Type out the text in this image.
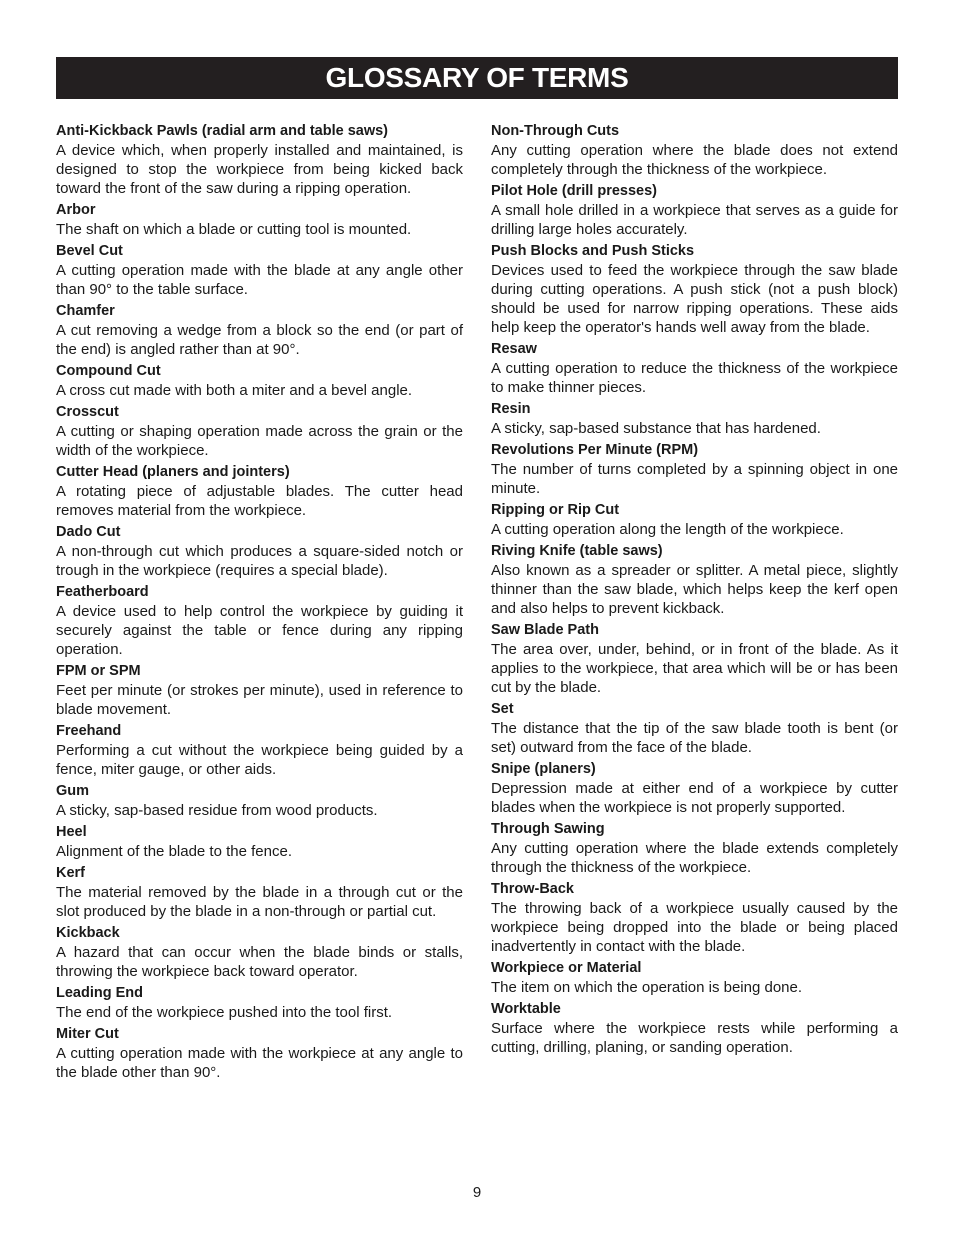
GLOSSARY OF TERMS
Anti-Kickback Pawls (radial arm and table saws)
A device which, when properly installed and maintained, is designed to stop the workpiece from being kicked back toward the front of the saw during a ripping operation.
Arbor
The shaft on which a blade or cutting tool is mounted.
Bevel Cut
A cutting operation made with the blade at any angle other than 90° to the table surface.
Chamfer
A cut removing a wedge from a block so the end (or part of the end) is angled rather than at 90°.
Compound Cut
A cross cut made with both a miter and a bevel angle.
Crosscut
A cutting or shaping operation made across the grain or the width of the workpiece.
Cutter Head (planers and jointers)
A rotating piece of adjustable blades. The cutter head removes material from the workpiece.
Dado Cut
A non-through cut which produces a square-sided notch or trough in the workpiece (requires a special blade).
Featherboard
A device used to help control the workpiece by guiding it securely against the table or fence during any ripping operation.
FPM or SPM
Feet per minute (or strokes per minute), used in reference to blade movement.
Freehand
Performing a cut without the workpiece being guided by a fence, miter gauge, or other aids.
Gum
A sticky, sap-based residue from wood products.
Heel
Alignment of the blade to the fence.
Kerf
The material removed by the blade in a through cut or the slot produced by the blade in a non-through or partial cut.
Kickback
A hazard that can occur when the blade binds or stalls, throwing the workpiece back toward operator.
Leading End
The end of the workpiece pushed into the tool first.
Miter Cut
A cutting operation made with the workpiece at any angle to the blade other than 90°.
Non-Through Cuts
Any cutting operation where the blade does not extend completely through the thickness of the workpiece.
Pilot Hole (drill presses)
A small hole drilled in a workpiece that serves as a guide for drilling large holes accurately.
Push Blocks and Push Sticks
Devices used to feed the workpiece through the saw blade during cutting operations. A push stick (not a push block) should be used for narrow ripping operations. These aids help keep the operator's hands well away from the blade.
Resaw
A cutting operation to reduce the thickness of the workpiece to make thinner pieces.
Resin
A sticky, sap-based substance that has hardened.
Revolutions Per Minute (RPM)
The number of turns completed by a spinning object in one minute.
Ripping or Rip Cut
A cutting operation along the length of the workpiece.
Riving Knife (table saws)
Also known as a spreader or splitter. A metal piece, slightly thinner than the saw blade, which helps keep the kerf open and also helps to prevent kickback.
Saw Blade Path
The area over, under, behind, or in front of the blade. As it applies to the workpiece, that area which will be or has been cut by the blade.
Set
The distance that the tip of the saw blade tooth is bent (or set) outward from the face of the blade.
Snipe (planers)
Depression made at either end of a workpiece by cutter blades when the workpiece is not properly supported.
Through Sawing
Any cutting operation where the blade extends completely through the thickness of the workpiece.
Throw-Back
The throwing back of a workpiece usually caused by the workpiece being dropped into the blade or being placed inadvertently in contact with the blade.
Workpiece or Material
The item on which the operation is being done.
Worktable
Surface where the workpiece rests while performing a cutting, drilling, planing, or sanding operation.
9
